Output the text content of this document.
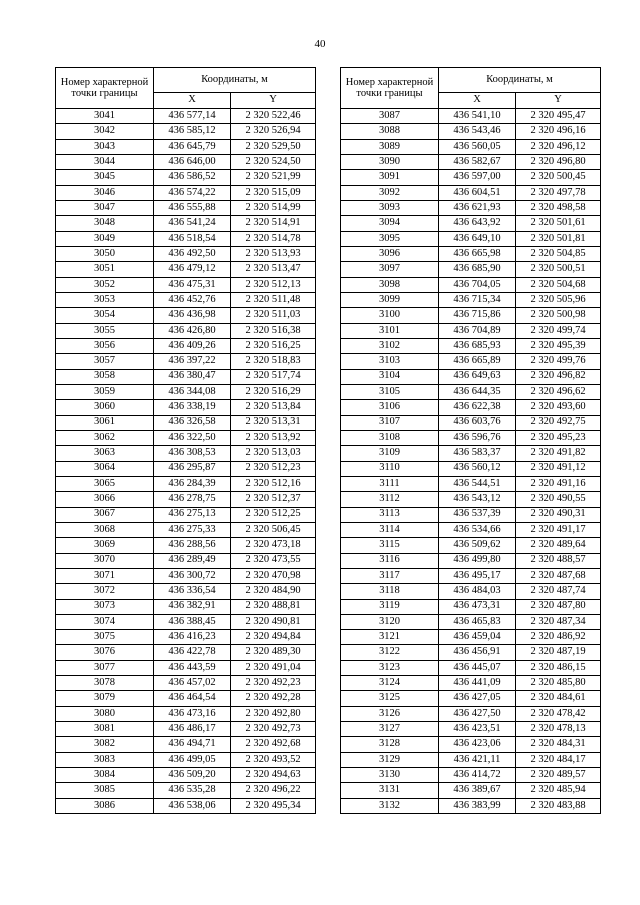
40
Номер характерной точки границы	Координаты, м	
	X	Y
3041	436 577,14	2 320 522,46
3042	436 585,12	2 320 526,94
3043	436 645,79	2 320 529,50
3044	436 646,00	2 320 524,50
3045	436 586,52	2 320 521,99
3046	436 574,22	2 320 515,09
3047	436 555,88	2 320 514,99
3048	436 541,24	2 320 514,91
3049	436 518,54	2 320 514,78
3050	436 492,50	2 320 513,93
3051	436 479,12	2 320 513,47
3052	436 475,31	2 320 512,13
3053	436 452,76	2 320 511,48
3054	436 436,98	2 320 511,03
3055	436 426,80	2 320 516,38
3056	436 409,26	2 320 516,25
3057	436 397,22	2 320 518,83
3058	436 380,47	2 320 517,74
3059	436 344,08	2 320 516,29
3060	436 338,19	2 320 513,84
3061	436 326,58	2 320 513,31
3062	436 322,50	2 320 513,92
3063	436 308,53	2 320 513,03
3064	436 295,87	2 320 512,23
3065	436 284,39	2 320 512,16
3066	436 278,75	2 320 512,37
3067	436 275,13	2 320 512,25
3068	436 275,33	2 320 506,45
3069	436 288,56	2 320 473,18
3070	436 289,49	2 320 473,55
3071	436 300,72	2 320 470,98
3072	436 336,54	2 320 484,90
3073	436 382,91	2 320 488,81
3074	436 388,45	2 320 490,81
3075	436 416,23	2 320 494,84
3076	436 422,78	2 320 489,30
3077	436 443,59	2 320 491,04
3078	436 457,02	2 320 492,23
3079	436 464,54	2 320 492,28
3080	436 473,16	2 320 492,80
3081	436 486,17	2 320 492,73
3082	436 494,71	2 320 492,68
3083	436 499,05	2 320 493,52
3084	436 509,20	2 320 494,63
3085	436 535,28	2 320 496,22
3086	436 538,06	2 320 495,34
Номер характерной точки границы	Координаты, м	
	X	Y
3087	436 541,10	2 320 495,47
3088	436 543,46	2 320 496,16
3089	436 560,05	2 320 496,12
3090	436 582,67	2 320 496,80
3091	436 597,00	2 320 500,45
3092	436 604,51	2 320 497,78
3093	436 621,93	2 320 498,58
3094	436 643,92	2 320 501,61
3095	436 649,10	2 320 501,81
3096	436 665,98	2 320 504,85
3097	436 685,90	2 320 500,51
3098	436 704,05	2 320 504,68
3099	436 715,34	2 320 505,96
3100	436 715,86	2 320 500,98
3101	436 704,89	2 320 499,74
3102	436 685,93	2 320 495,39
3103	436 665,89	2 320 499,76
3104	436 649,63	2 320 496,82
3105	436 644,35	2 320 496,62
3106	436 622,38	2 320 493,60
3107	436 603,76	2 320 492,75
3108	436 596,76	2 320 495,23
3109	436 583,37	2 320 491,82
3110	436 560,12	2 320 491,12
3111	436 544,51	2 320 491,16
3112	436 543,12	2 320 490,55
3113	436 537,39	2 320 490,31
3114	436 534,66	2 320 491,17
3115	436 509,62	2 320 489,64
3116	436 499,80	2 320 488,57
3117	436 495,17	2 320 487,68
3118	436 484,03	2 320 487,74
3119	436 473,31	2 320 487,80
3120	436 465,83	2 320 487,34
3121	436 459,04	2 320 486,92
3122	436 456,91	2 320 487,19
3123	436 445,07	2 320 486,15
3124	436 441,09	2 320 485,80
3125	436 427,05	2 320 484,61
3126	436 427,50	2 320 478,42
3127	436 423,51	2 320 478,13
3128	436 423,06	2 320 484,31
3129	436 421,11	2 320 484,17
3130	436 414,72	2 320 489,57
3131	436 389,67	2 320 485,94
3132	436 383,99	2 320 483,88
